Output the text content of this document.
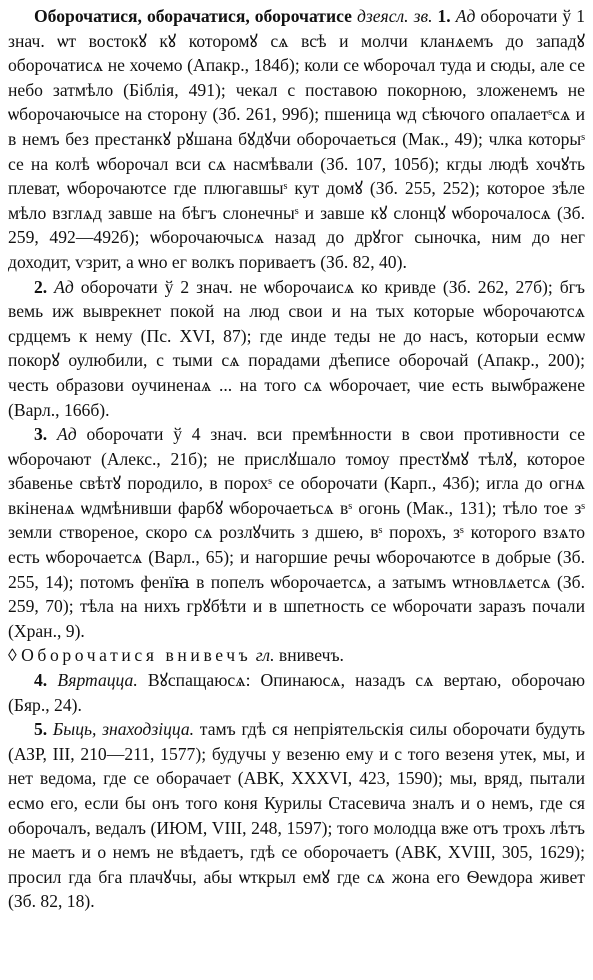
Оборочатися, оборачатися, оборочатисе дзеясл. зв. 1. Ад оборочати ў 1 знач. ѡт востокꙋ кꙋ которомꙋ сѧ всѣ и молчи кланѧемъ до западꙋ оборочатисѧ не хочемо (Апакр., 184б); коли се ѡборочал туда и сюды, але се небо затмѣло (Біблія, 491); чекал с поставою покорною, зложенемъ не ѡборочаючысе на сторону (Зб. 261, 99б); пшеница ѡд сѣючого опалаетˢсѧ и в немъ без престанкꙋ рꙋшана бꙋдꙋчи оборочаеться (Мак., 49); члка которыˢ се на колѣ ѡборочал вси сѧ насмѣвали (Зб. 107, 105б); кгды людѣ хочꙋть плеват, ѡборочаютсе где плюгавшыˢ кут домꙋ (Зб. 255, 252); которое зѣле мѣло взглѧд завше на бѣгъ слонечныˢ и завше кꙋ слонцꙋ ѡборочалосѧ (Зб. 259, 492—492б); ѡборочаючысѧ назад до дрꙋгог сыночка, ним до нег доходит, ѵзрит, а ѡно ег волкъ пориваетъ (Зб. 82, 40).

2. Ад оборочати ў 2 знач. не ѡборочаисѧ ко кривде (Зб. 262, 27б); бгъ вемь иж выврекнет покой на люд свои и на тых которые ѡборочаютсѧ срдцемъ к нему (Пс. XVI, 87); где инде теды не до насъ, которыи есмѡ покорꙋ оулюбили, с тыми сѧ порадами дѣеписе оборочай (Апакр., 200); честь образови оучиненаѧ ... на того сѧ ѡборочает, чие есть выѡбражене (Варл., 166б).

3. Ад оборочати ў 4 знач. вси премѣнности в свои противности се ѡборочают (Алекс., 21б); не прислꙋшало томоу престꙋмꙋ тѣлꙋ, которое збавенье свѣтꙋ породило, в порохˢ се оборочати (Карп., 43б); игла до огнѧ вкіненаѧ ѡдмѣнивши фарбꙋ ѡборочаетьсѧ вˢ огонь (Мак., 131); тѣло тое зˢ земли створеное, скоро сѧ розлꙋчить з дшею, вˢ порохъ, зˢ которого взѧто есть ѡборочаетсѧ (Варл., 65); и нагоршие речы ѡборочаютсе в добрые (Зб. 255, 14); потомъ фенїꙗ в попелъ ѡборочаетсѧ, а затымъ ѡтновлѧетсѧ (Зб. 259, 70); тѣла на нихъ грꙋбѣти и в шпетность се ѡборочати заразъ почали (Хран., 9).

◊ Оборочатися внивечъ гл. внивечъ.

4. Вяртацца. Вꙋспащаюсѧ: Опинаюсѧ, назадъ сѧ вертаю, оборочаю (Бяр., 24).

5. Быць, знаходзіцца. тамъ гдѣ ся непріятельскія силы оборочати будуть (АЗР, III, 210—211, 1577); будучы у везеню ему и с того везеня утек, мы, и нет ведома, где се оборачает (АВК, XXXVI, 423, 1590); мы, вряд, пытали есмо его, если бы онъ того коня Курилы Стасевича зналъ и о немъ, где ся оборочалъ, ведалъ (ИЮМ, VIII, 248, 1597); того молодца вже отъ трохъ лѣтъ не маетъ и о немъ не вѣдаетъ, гдѣ се оборочаетъ (АВК, XVIII, 305, 1629); просил гда бга плачꙋчы, абы ѡткрыл емꙋ где сѧ жона его Ѳеѡдора живет (Зб. 82, 18).
